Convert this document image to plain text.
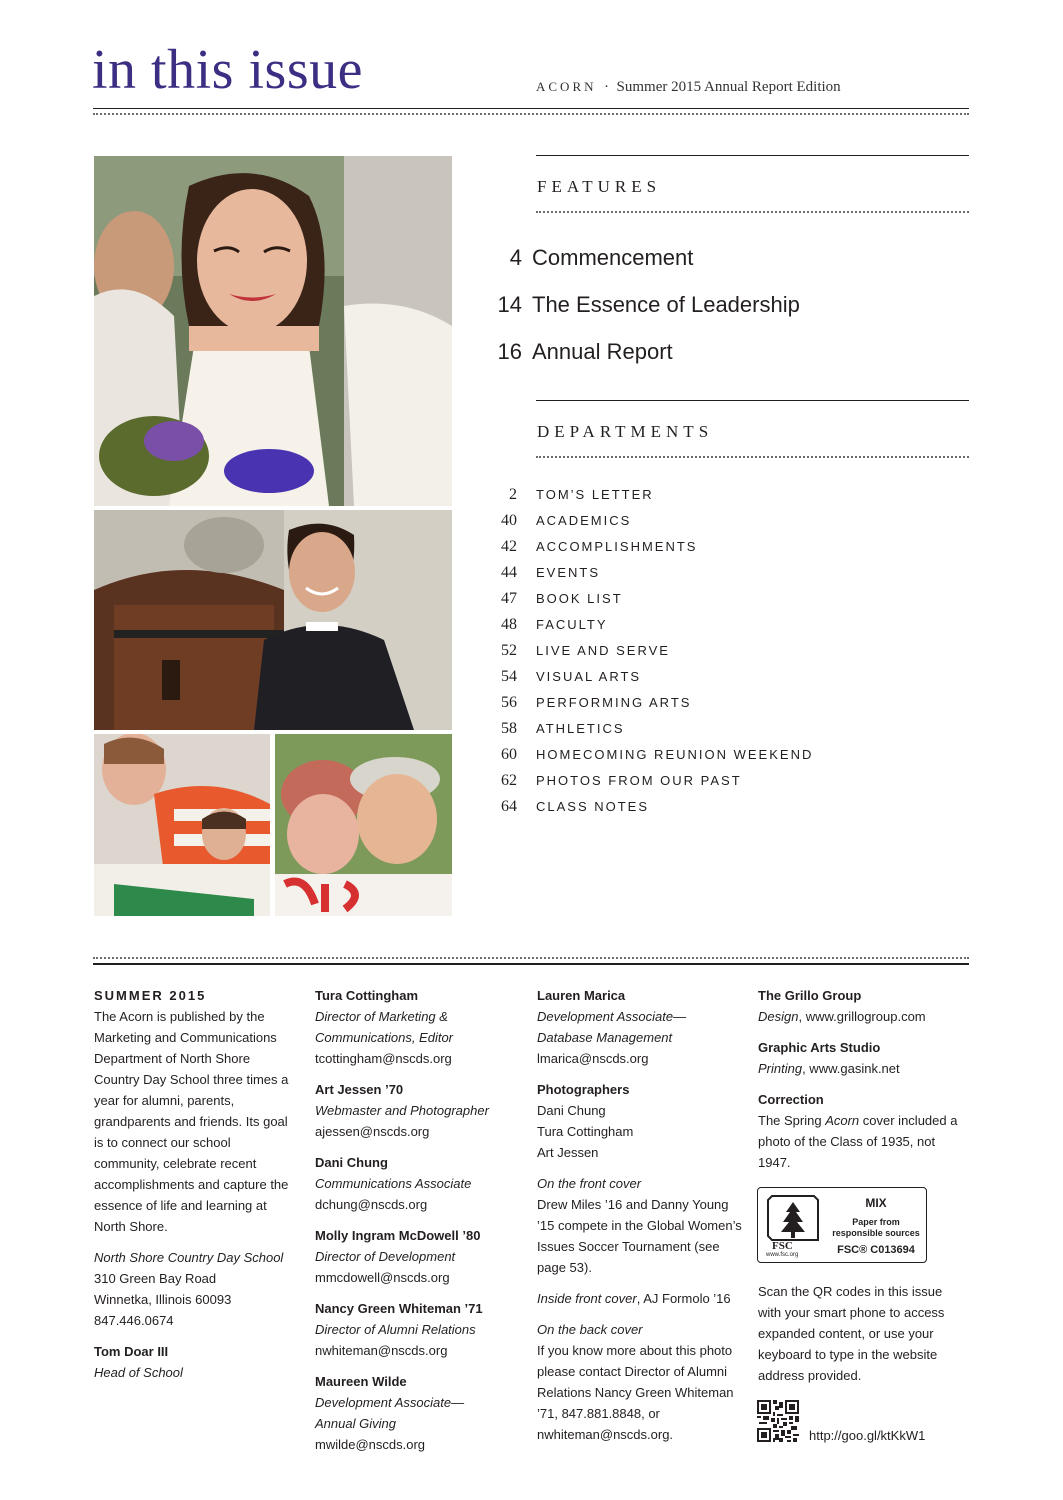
in this issue	ACORN · Summer 2015 Annual Report Edition
FEATURES
4 Commencement
14 The Essence of Leadership
16 Annual Report
DEPARTMENTS
2 TOM’S LETTER
40 ACADEMICS
42 ACCOMPLISHMENTS
44 EVENTS
47 BOOK LIST
48 FACULTY
52 LIVE AND SERVE
54 VISUAL ARTS
56 PERFORMING ARTS
58 ATHLETICS
60 HOMECOMING REUNION WEEKEND
62 PHOTOS FROM OUR PAST
64 CLASS NOTES

SUMMER 2015

The Acorn is published by the Marketing and Communications Department of North Shore Country Day School three times a year for alumni, parents, grandparents and friends. Its goal is to connect our school community, celebrate recent accomplishments and capture the essence of life and learning at North Shore.

North Shore Country Day School

310 Green Bay Road

Winnetka, Illinois 60093

847.446.0674

Tom Doar III

Head of School

Tura Cottingham

Director of Marketing & Communications, Editor

tcottingham@nscds.org

Art Jessen ’70

Webmaster and Photographer

ajessen@nscds.org

Dani Chung

Communications Associate

dchung@nscds.org

Molly Ingram McDowell ’80

Director of Development

mmcdowell@nscds.org

Nancy Green Whiteman ’71

Director of Alumni Relations

nwhiteman@nscds.org

Maureen Wilde

Development Associate— Annual Giving

mwilde@nscds.org

Lauren Marica

Development Associate— Database Management

lmarica@nscds.org

Photographers

Dani Chung

Tura Cottingham

Art Jessen

On the front cover

Drew Miles ’16 and Danny Young ’15 compete in the Global Women’s Issues Soccer Tournament (see page 53).

Inside front cover, AJ Formolo ’16

On the back cover

If you know more about this photo please contact Director of Alumni Relations Nancy Green Whiteman ’71, 847.881.8848, or nwhiteman@nscds.org.

The Grillo Group

Design, www.grillogroup.com

Graphic Arts Studio

Printing, www.gasink.net

Correction

The Spring Acorn cover included a photo of the Class of 1935, not 1947.

FSC
www.fsc.org
MIX
Paper from
responsible sources
FSC® C013694

Scan the QR codes in this issue with your smart phone to access expanded content, or use your keyboard to type in the website address provided.

http://goo.gl/ktKkW1
